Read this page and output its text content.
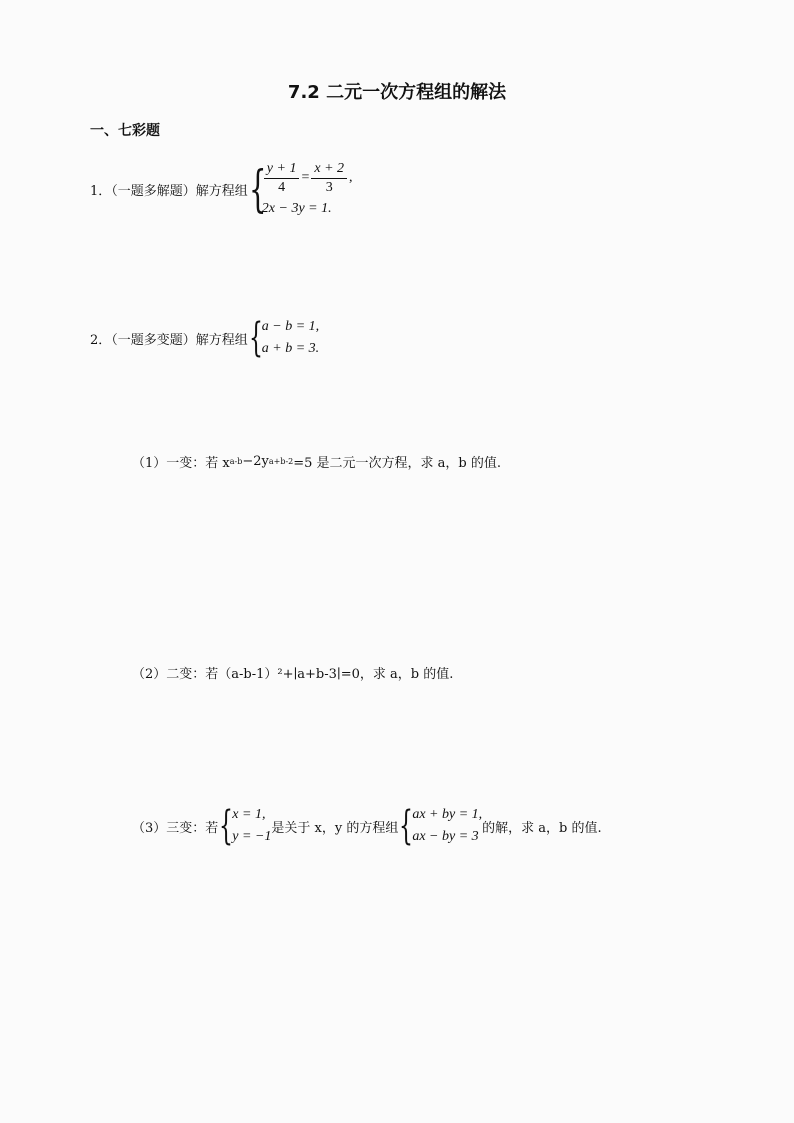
7.2 二元一次方程组的解法
一、七彩题
1．（一题多解题）解方程组 {
$\frac{y + 1}{4} = \frac{x + 2}{3}$ ,
2x − 3y = 1.
2．（一题多变题）解方程组 { a − b = 1,
a + b = 3.
（1）一变：若 x a-b −2y a+b-2 =5 是二元一次方程，求 a，b 的值.
（2）二变：若（a-b-1）²+∣a+b-3∣=0，求 a，b 的值.
（3）三变：若 { x = 1,
y = −1
是关于 x，y 的方程组 { ax + by = 1,
ax − by = 3
的解，求 a，b 的值.
